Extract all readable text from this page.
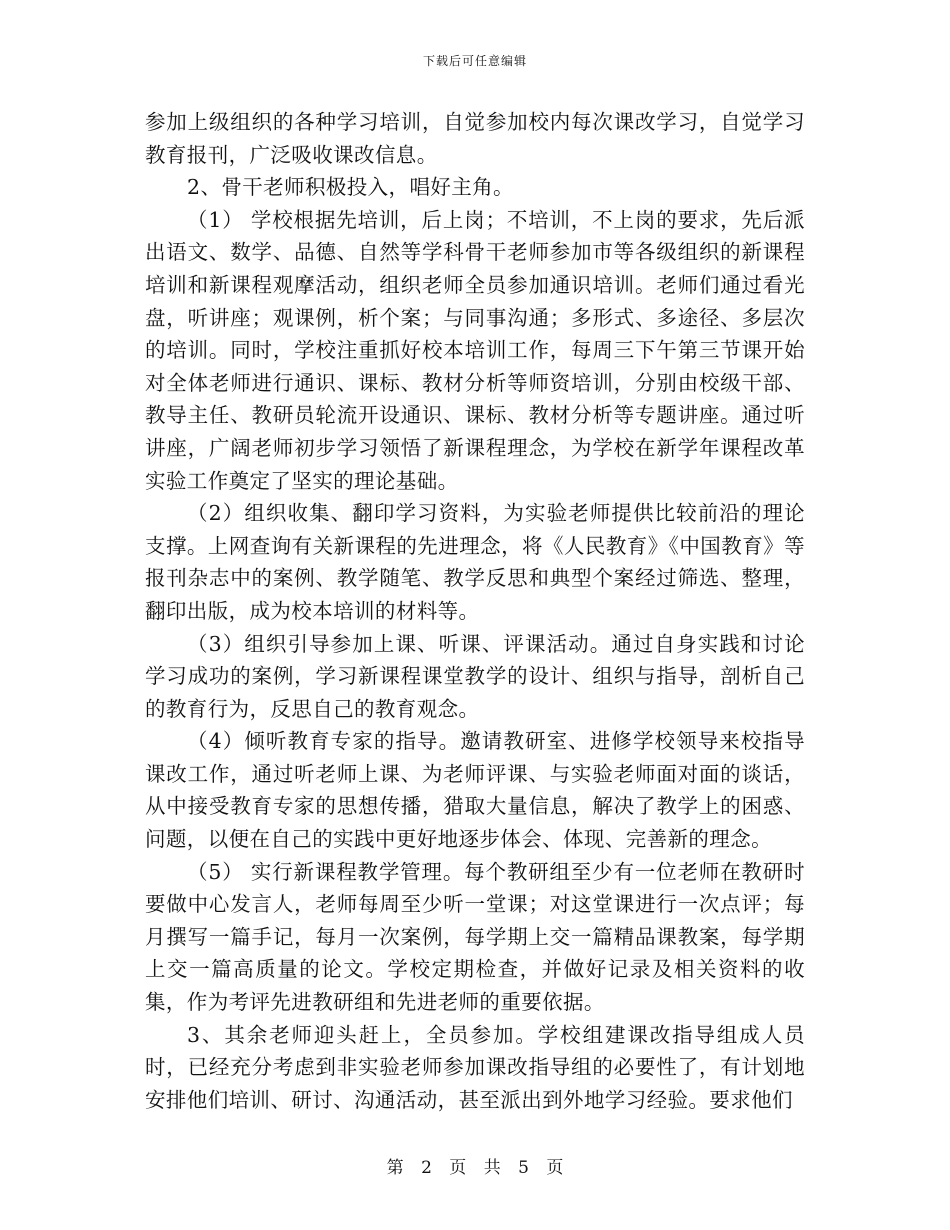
下载后可任意编辑

参加上级组织的各种学习培训，自觉参加校内每次课改学习，自觉学习教育报刊，广泛吸收课改信息。

2、骨干老师积极投入，唱好主角。

（1） 学校根据先培训，后上岗；不培训，不上岗的要求，先后派出语文、数学、品德、自然等学科骨干老师参加市等各级组织的新课程培训和新课程观摩活动，组织老师全员参加通识培训。老师们通过看光盘，听讲座；观课例，析个案；与同事沟通；多形式、多途径、多层次的培训。同时，学校注重抓好校本培训工作，每周三下午第三节课开始对全体老师进行通识、课标、教材分析等师资培训，分别由校级干部、教导主任、教研员轮流开设通识、课标、教材分析等专题讲座。通过听讲座，广阔老师初步学习领悟了新课程理念，为学校在新学年课程改革实验工作奠定了坚实的理论基础。

（2）组织收集、翻印学习资料，为实验老师提供比较前沿的理论支撑。上网查询有关新课程的先进理念，将《人民教育》《中国教育》等报刊杂志中的案例、教学随笔、教学反思和典型个案经过筛选、整理，翻印出版，成为校本培训的材料等。

（3）组织引导参加上课、听课、评课活动。通过自身实践和讨论学习成功的案例，学习新课程课堂教学的设计、组织与指导，剖析自己的教育行为，反思自己的教育观念。

（4）倾听教育专家的指导。邀请教研室、进修学校领导来校指导课改工作，通过听老师上课、为老师评课、与实验老师面对面的谈话，从中接受教育专家的思想传播，猎取大量信息，解决了教学上的困惑、问题，以便在自己的实践中更好地逐步体会、体现、完善新的理念。

（5） 实行新课程教学管理。每个教研组至少有一位老师在教研时要做中心发言人，老师每周至少听一堂课；对这堂课进行一次点评；每月撰写一篇手记，每月一次案例，每学期上交一篇精品课教案，每学期上交一篇高质量的论文。学校定期检查，并做好记录及相关资料的收集，作为考评先进教研组和先进老师的重要依据。

3、其余老师迎头赶上，全员参加。学校组建课改指导组成人员时，已经充分考虑到非实验老师参加课改指导组的必要性了，有计划地安排他们培训、研讨、沟通活动，甚至派出到外地学习经验。要求他们

第 2 页 共 5 页
